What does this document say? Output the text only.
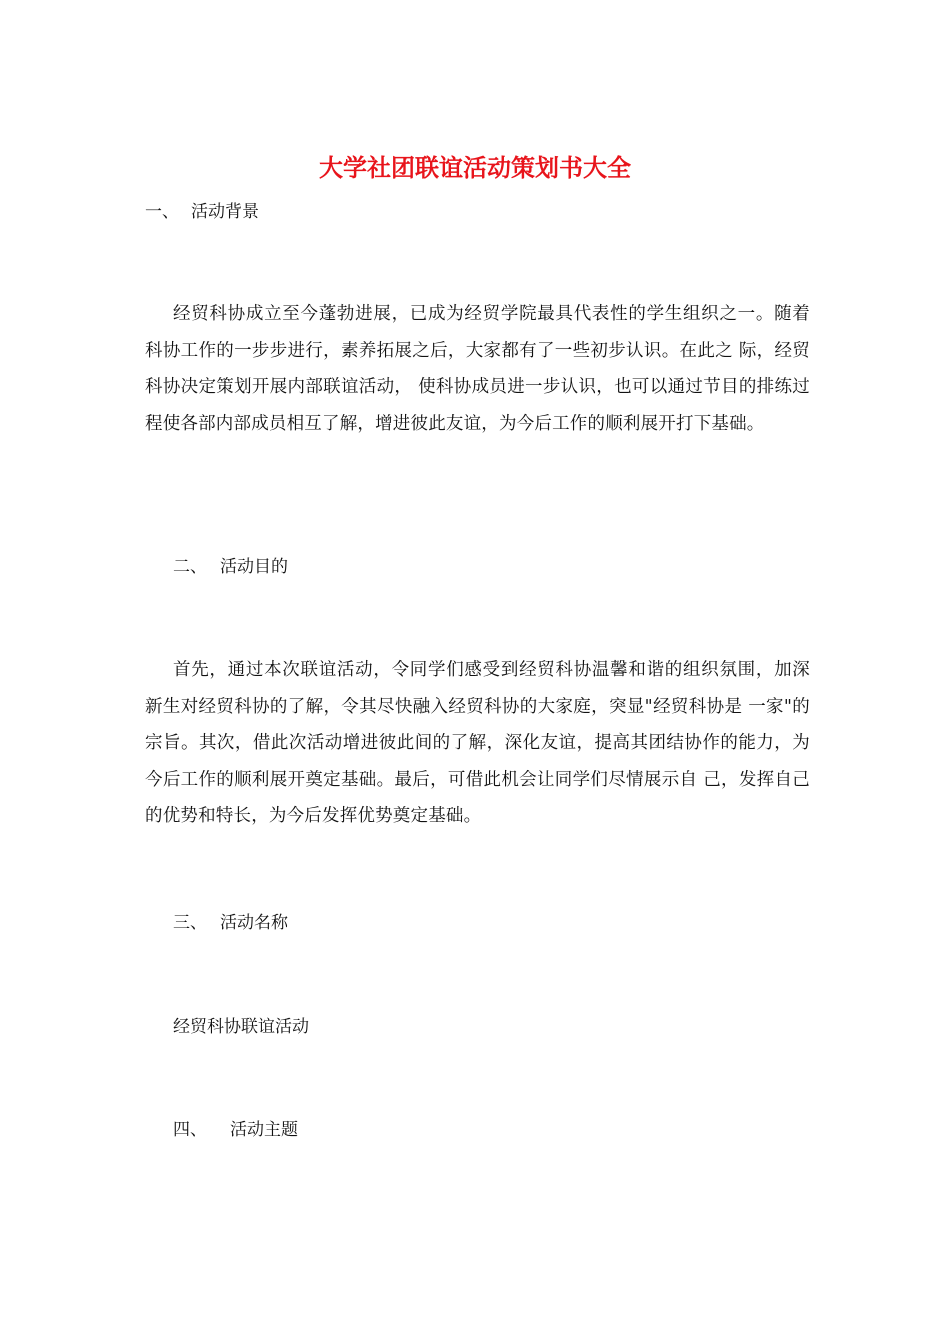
大学社团联谊活动策划书大全
一、 活动背景
经贸科协成立至今蓬勃进展，已成为经贸学院最具代表性的学生组织之一。随着科协工作的一步步进行，素养拓展之后，大家都有了一些初步认识。在此之 际，经贸科协决定策划开展内部联谊活动， 使科协成员进一步认识，也可以通过节目的排练过程使各部内部成员相互了解，增进彼此友谊，为今后工作的顺利展开打下基础。
二、 活动目的
首先，通过本次联谊活动，令同学们感受到经贸科协温馨和谐的组织氛围，加深新生对经贸科协的了解，令其尽快融入经贸科协的大家庭，突显"经贸科协是 一家"的宗旨。其次，借此次活动增进彼此间的了解，深化友谊，提高其团结协作的能力，为今后工作的顺利展开奠定基础。最后，可借此机会让同学们尽情展示自 己，发挥自己的优势和特长，为今后发挥优势奠定基础。
三、 活动名称
经贸科协联谊活动
四、 活动主题
